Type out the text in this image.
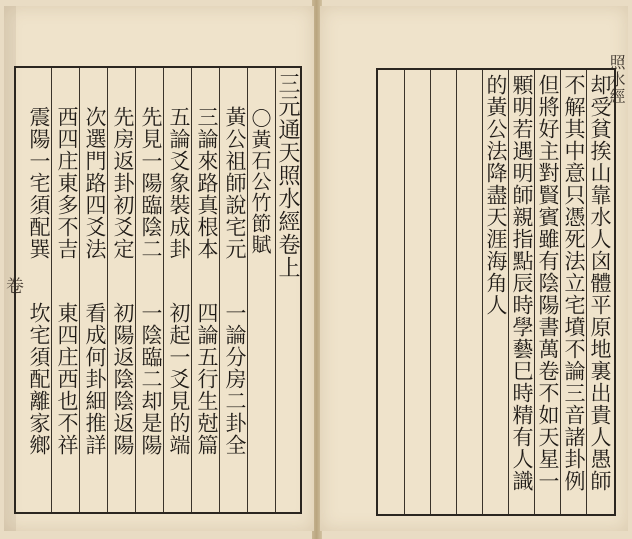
卷
三元通天照水經卷上
〇黃石公竹節賦
黃公祖師說宅元
一論分房二卦全
三論來路真根本
四論五行生尅篇
五論爻象裝成卦
初起一爻見的端
先見一陽臨陰二
一陰臨二却是陽
先房返卦初爻定
初陽返陰陰返陽
次選門路四爻法
看成何卦細推詳
西四庄東多不吉
東四庄西也不祥
震陽一宅須配巽
坎宅須配離家鄉
照水經
却受貧挨山靠水人囟體平原地裏出貴人愚師
不解其中意只憑死法立宅墳不論三音諸卦例
但將好主對賢賓雖有陰陽書萬卷不如天星一
顆明若遇明師親指點辰時學藝巳時精有人識
的黃公法降盡天涯海角人
